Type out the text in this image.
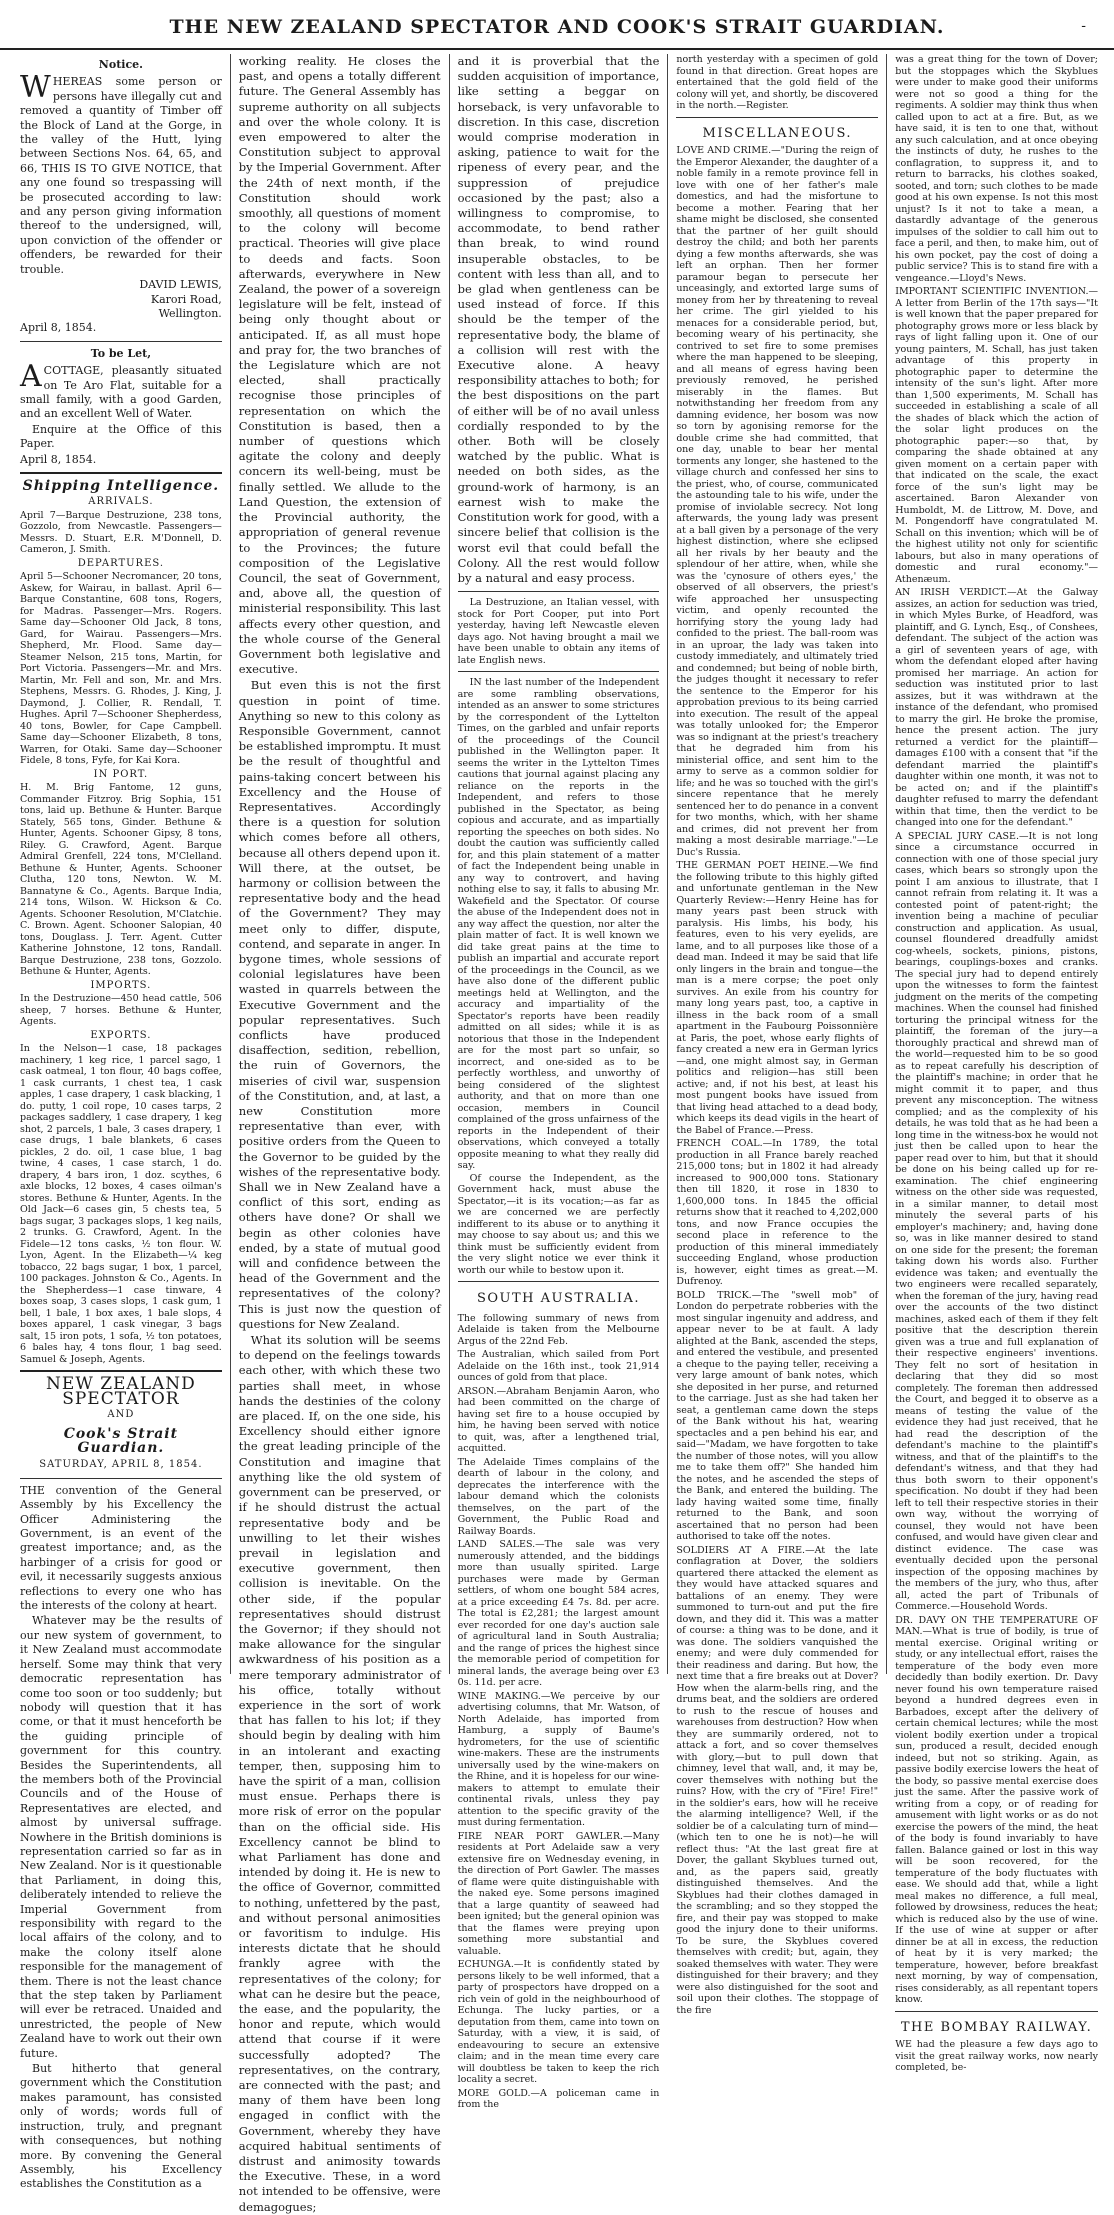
THE NEW ZEALAND SPECTATOR AND COOK'S STRAIT GUARDIAN.	-
Notice.

WHEREAS some person or persons have illegally cut and removed a quantity of Timber off the Block of Land at the Gorge, in the valley of the Hutt, lying between Sections Nos. 64, 65, and 66, THIS IS TO GIVE NOTICE, that any one found so trespassing will be prosecuted according to law: and any person giving information thereof to the undersigned, will, upon conviction of the offender or offenders, be rewarded for their trouble.

DAVID LEWIS,
Karori Road,
Wellington.
April 8, 1854.
To be Let,

ACOTTAGE, pleasantly situated on Te Aro Flat, suitable for a small family, with a good Garden, and an excellent Well of Water.

Enquire at the Office of this Paper.

April 8, 1854.
Shipping Intelligence.
ARRIVALS.

April 7—Barque Destruzione, 238 tons, Gozzolo, from Newcastle. Passengers—Messrs. D. Stuart, E.R. M'Donnell, D. Cameron, J. Smith.

DEPARTURES.

April 5—Schooner Necromancer, 20 tons, Askew, for Wairau, in ballast. April 6—Barque Constantine, 608 tons, Rogers, for Madras. Passenger—Mrs. Rogers. Same day—Schooner Old Jack, 8 tons, Gard, for Wairau. Passengers—Mrs. Shepherd, Mr. Flood. Same day—Steamer Nelson, 215 tons, Martin, for Port Victoria. Passengers—Mr. and Mrs. Martin, Mr. Fell and son, Mr. and Mrs. Stephens, Messrs. G. Rhodes, J. King, J. Daymond, J. Collier, R. Rendall, T. Hughes. April 7—Schooner Shepherdess, 40 tons, Bowler, for Cape Campbell. Same day—Schooner Elizabeth, 8 tons, Warren, for Otaki. Same day—Schooner Fidele, 8 tons, Fyfe, for Kai Kora.

IN PORT.

H. M. Brig Fantome, 12 guns, Commander Fitzroy. Brig Sophia, 151 tons, laid up. Bethune & Hunter. Barque Stately, 565 tons, Ginder. Bethune & Hunter, Agents. Schooner Gipsy, 8 tons, Riley. G. Crawford, Agent. Barque Admiral Grenfell, 224 tons, M'Clelland. Bethune & Hunter, Agents. Schooner Clutha, 120 tons, Newton. W. M. Bannatyne & Co., Agents. Barque India, 214 tons, Wilson. W. Hickson & Co. Agents. Schooner Resolution, M'Clatchie. C. Brown. Agent. Schooner Salopian, 40 tons, Douglass. J. Terr. Agent. Cutter Katherine Johnstone, 12 tons, Randall. Barque Destruzione, 238 tons, Gozzolo. Bethune & Hunter, Agents.

IMPORTS.

In the Destruzione—450 head cattle, 506 sheep, 7 horses. Bethune & Hunter, Agents.

EXPORTS.

In the Nelson—1 case, 18 packages machinery, 1 keg rice, 1 parcel sago, 1 cask oatmeal, 1 ton flour, 40 bags coffee, 1 cask currants, 1 chest tea, 1 cask apples, 1 case drapery, 1 cask blacking, 1 do. putty, 1 coil rope, 10 cases tarps, 2 packages saddlery, 1 case drapery, 1 keg shot, 2 parcels, 1 bale, 3 cases drapery, 1 case drugs, 1 bale blankets, 6 cases pickles, 2 do. oil, 1 case blue, 1 bag twine, 4 cases, 1 case starch, 1 do. drapery, 4 bars iron, 1 doz. scythes, 6 axle blocks, 12 boxes, 4 cases oilman's stores. Bethune & Hunter, Agents. In the Old Jack—6 cases gin, 5 chests tea, 5 bags sugar, 3 packages slops, 1 keg nails, 2 trunks. G. Crawford, Agent. In the Fidele—12 tons casks, ½ ton flour. W. Lyon, Agent. In the Elizabeth—¼ keg tobacco, 22 bags sugar, 1 box, 1 parcel, 100 packages. Johnston & Co., Agents. In the Shepherdess—1 case tinware, 4 boxes soap, 3 cases slops, 1 cask gum, 1 bell, 1 bale, 1 box axes, 1 bale slops, 4 boxes apparel, 1 cask vinegar, 3 bags salt, 15 iron pots, 1 sofa, ½ ton potatoes, 6 bales hay, 4 tons flour, 1 bag seed. Samuel & Joseph, Agents.

NEW ZEALAND SPECTATOR
AND
Cook's Strait Guardian.
SATURDAY, APRIL 8, 1854.

THE convention of the General Assembly by his Excellency the Officer Administering the Government, is an event of the greatest importance; and, as the harbinger of a crisis for good or evil, it necessarily suggests anxious reflections to every one who has the interests of the colony at heart.

Whatever may be the results of our new system of government, to it New Zealand must accommodate herself. Some may think that very democratic representation has come too soon or too suddenly; but nobody will question that it has come, or that it must henceforth be the guiding principle of government for this country. Besides the Superintendents, all the members both of the Provincial Councils and of the House of Representatives are elected, and almost by universal suffrage. Nowhere in the British dominions is representation carried so far as in New Zealand. Nor is it questionable that Parliament, in doing this, deliberately intended to relieve the Imperial Government from responsibility with regard to the local affairs of the colony, and to make the colony itself alone responsible for the management of them. There is not the least chance that the step taken by Parliament will ever be retraced. Unaided and unrestricted, the people of New Zealand have to work out their own future.

But hitherto that general government which the Constitution makes paramount, has consisted only of words; words full of instruction, truly, and pregnant with consequences, but nothing more. By convening the General Assembly, his Excellency establishes the Constitution as a

working reality. He closes the past, and opens a totally different future. The General Assembly has supreme authority on all subjects and over the whole colony. It is even empowered to alter the Constitution subject to approval by the Imperial Government. After the 24th of next month, if the Constitution should work smoothly, all questions of moment to the colony will become practical. Theories will give place to deeds and facts. Soon afterwards, everywhere in New Zealand, the power of a sovereign legislature will be felt, instead of being only thought about or anticipated. If, as all must hope and pray for, the two branches of the Legislature which are not elected, shall practically recognise those principles of representation on which the Constitution is based, then a number of questions which agitate the colony and deeply concern its well-being, must be finally settled. We allude to the Land Question, the extension of the Provincial authority, the appropriation of general revenue to the Provinces; the future composition of the Legislative Council, the seat of Government, and, above all, the question of ministerial responsibility. This last affects every other question, and the whole course of the General Government both legislative and executive.

But even this is not the first question in point of time. Anything so new to this colony as Responsible Government, cannot be established impromptu. It must be the result of thoughtful and pains-taking concert between his Excellency and the House of Representatives. Accordingly there is a question for solution which comes before all others, because all others depend upon it. Will there, at the outset, be harmony or collision between the representative body and the head of the Government? They may meet only to differ, dispute, contend, and separate in anger. In bygone times, whole sessions of colonial legislatures have been wasted in quarrels between the Executive Government and the popular representatives. Such conflicts have produced disaffection, sedition, rebellion, the ruin of Governors, the miseries of civil war, suspension of the Constitution, and, at last, a new Constitution more representative than ever, with positive orders from the Queen to the Governor to be guided by the wishes of the representative body. Shall we in New Zealand have a conflict of this sort, ending as others have done? Or shall we begin as other colonies have ended, by a state of mutual good will and confidence between the head of the Government and the representatives of the colony? This is just now the question of questions for New Zealand.

What its solution will be seems to depend on the feelings towards each other, with which these two parties shall meet, in whose hands the destinies of the colony are placed. If, on the one side, his Excellency should either ignore the great leading principle of the Constitution and imagine that anything like the old system of government can be preserved, or if he should distrust the actual representative body and be unwilling to let their wishes prevail in legislation and executive government, then collision is inevitable. On the other side, if the popular representatives should distrust the Governor; if they should not make allowance for the singular awkwardness of his position as a mere temporary administrator of his office, totally without experience in the sort of work that has fallen to his lot; if they should begin by dealing with him in an intolerant and exacting temper, then, supposing him to have the spirit of a man, collision must ensue. Perhaps there is more risk of error on the popular than on the official side. His Excellency cannot be blind to what Parliament has done and intended by doing it. He is new to the office of Governor, committed to nothing, unfettered by the past, and without personal animosities or favoritism to indulge. His interests dictate that he should frankly agree with the representatives of the colony; for what can he desire but the peace, the ease, and the popularity, the honor and repute, which would attend that course if it were successfully adopted? The representatives, on the contrary, are connected with the past; and many of them have been long engaged in conflict with the Government, whereby they have acquired habitual sentiments of distrust and animosity towards the Executive. These, in a word not intended to be offensive, were demagogues;

and it is proverbial that the sudden acquisition of importance, like setting a beggar on horseback, is very unfavorable to discretion. In this case, discretion would comprise moderation in asking, patience to wait for the ripeness of every pear, and the suppression of prejudice occasioned by the past; also a willingness to compromise, to accommodate, to bend rather than break, to wind round insuperable obstacles, to be content with less than all, and to be glad when gentleness can be used instead of force. If this should be the temper of the representative body, the blame of a collision will rest with the Executive alone. A heavy responsibility attaches to both; for the best dispositions on the part of either will be of no avail unless cordially responded to by the other. Both will be closely watched by the public. What is needed on both sides, as the ground-work of harmony, is an earnest wish to make the Constitution work for good, with a sincere belief that collision is the worst evil that could befall the Colony. All the rest would follow by a natural and easy process.

La Destruzione, an Italian vessel, with stock for Port Cooper, put into Port yesterday, having left Newcastle eleven days ago. Not having brought a mail we have been unable to obtain any items of late English news.

IN the last number of the Independent are some rambling observations, intended as an answer to some strictures by the correspondent of the Lyttelton Times, on the garbled and unfair reports of the proceedings of the Council published in the Wellington paper. It seems the writer in the Lyttelton Times cautions that journal against placing any reliance on the reports in the Independent, and refers to those published in the Spectator, as being copious and accurate, and as impartially reporting the speeches on both sides. No doubt the caution was sufficiently called for, and this plain statement of a matter of fact the Independent being unable in any way to controvert, and having nothing else to say, it falls to abusing Mr. Wakefield and the Spectator. Of course the abuse of the Independent does not in any way affect the question, nor alter the plain matter of fact. It is well known we did take great pains at the time to publish an impartial and accurate report of the proceedings in the Council, as we have also done of the different public meetings held at Wellington, and the accuracy and impartiality of the Spectator's reports have been readily admitted on all sides; while it is as notorious that those in the Independent are for the most part so unfair, so incorrect, and one-sided as to be perfectly worthless, and unworthy of being considered of the slightest authority, and that on more than one occasion, members in Council complained of the gross unfairness of the reports in the Independent of their observations, which conveyed a totally opposite meaning to what they really did say.

Of course the Independent, as the Government hack, must abuse the Spectator,—it is its vocation;—as far as we are concerned we are perfectly indifferent to its abuse or to anything it may choose to say about us; and this we think must be sufficiently evident from the very slight notice we ever think it worth our while to bestow upon it.

SOUTH AUSTRALIA.

The following summary of news from Adelaide is taken from the Melbourne Argus of the 22nd Feb.

The Australian, which sailed from Port Adelaide on the 16th inst., took 21,914 ounces of gold from that place.

ARSON.—Abraham Benjamin Aaron, who had been committed on the charge of having set fire to a house occupied by him, he having been served with notice to quit, was, after a lengthened trial, acquitted.

The Adelaide Times complains of the dearth of labour in the colony, and deprecates the interference with the labour demand which the colonists themselves, on the part of the Government, the Public Road and Railway Boards.

LAND SALES.—The sale was very numerously attended, and the biddings more than usually spirited. Large purchases were made by German settlers, of whom one bought 584 acres, at a price exceeding £4 7s. 8d. per acre. The total is £2,281; the largest amount ever recorded for one day's auction sale of agricultural land in South Australia; and the range of prices the highest since the memorable period of competition for mineral lands, the average being over £3 0s. 11d. per acre.

WINE MAKING.—We perceive by our advertising columns, that Mr. Watson, of North Adelaide, has imported from Hamburg, a supply of Baume's hydrometers, for the use of scientific wine-makers. These are the instruments universally used by the wine-makers on the Rhine, and it is hopeless for our wine-makers to attempt to emulate their continental rivals, unless they pay attention to the specific gravity of the must during fermentation.

FIRE NEAR PORT GAWLER.—Many residents at Port Adelaide saw a very extensive fire on Wednesday evening, in the direction of Port Gawler. The masses of flame were quite distinguishable with the naked eye. Some persons imagined that a large quantity of seaweed had been ignited; but the general opinion was that the flames were preying upon something more substantial and valuable.

ECHUNGA.—It is confidently stated by persons likely to be well informed, that a party of prospectors have dropped on a rich vein of gold in the neighbourhood of Echunga. The lucky parties, or a deputation from them, came into town on Saturday, with a view, it is said, of endeavouring to secure an extensive claim; and in the mean time every care will doubtless be taken to keep the rich locality a secret.

MORE GOLD.—A policeman came in from the

north yesterday with a specimen of gold found in that direction. Great hopes are entertained that the gold field of the colony will yet, and shortly, be discovered in the north.—Register.

MISCELLANEOUS.

LOVE AND CRIME.—"During the reign of the Emperor Alexander, the daughter of a noble family in a remote province fell in love with one of her father's male domestics, and had the misfortune to become a mother. Fearing that her shame might be disclosed, she consented that the partner of her guilt should destroy the child; and both her parents dying a few months afterwards, she was left an orphan. Then her former paramour began to persecute her unceasingly, and extorted large sums of money from her by threatening to reveal her crime. The girl yielded to his menaces for a considerable period, but, becoming weary of his pertinacity, she contrived to set fire to some premises where the man happened to be sleeping, and all means of egress having been previously removed, he perished miserably in the flames. But notwithstanding her freedom from any damning evidence, her bosom was now so torn by agonising remorse for the double crime she had committed, that one day, unable to bear her mental torments any longer, she hastened to the village church and confessed her sins to the priest, who, of course, communicated the astounding tale to his wife, under the promise of inviolable secrecy. Not long afterwards, the young lady was present at a ball given by a personage of the very highest distinction, where she eclipsed all her rivals by her beauty and the splendour of her attire, when, while she was the 'cynosure of others eyes,' the observed of all observers, the priest's wife approached her unsuspecting victim, and openly recounted the horrifying story the young lady had confided to the priest. The ball-room was in an uproar, the lady was taken into custody immediately, and ultimately tried and condemned; but being of noble birth, the judges thought it necessary to refer the sentence to the Emperor for his approbation previous to its being carried into execution. The result of the appeal was totally unlooked for; the Emperor was so indignant at the priest's treachery that he degraded him from his ministerial office, and sent him to the army to serve as a common soldier for life; and he was so touched with the girl's sincere repentance that he merely sentenced her to do penance in a convent for two months, which, with her shame and crimes, did not prevent her from making a most desirable marriage."—Le Duc's Russia.

THE GERMAN POET HEINE.—We find the following tribute to this highly gifted and unfortunate gentleman in the New Quarterly Review:—Henry Heine has for many years past been struck with paralysis. His limbs, his body, his features, even to his very eyelids, are lame, and to all purposes like those of a dead man. Indeed it may be said that life only lingers in the brain and tongue—the man is a mere corpse; the poet only survives. An exile from his country for many long years past, too, a captive in illness in the back room of a small apartment in the Faubourg Poissonnière at Paris, the poet, whose early flights of fancy created a new era in German lyrics—and, one might almost say, in German politics and religion—has still been active; and, if not his best, at least his most pungent books have issued from that living head attached to a dead body, which keeps its dead vigils in the heart of the Babel of France.—Press.

FRENCH COAL.—In 1789, the total production in all France barely reached 215,000 tons; but in 1802 it had already increased to 900,000 tons. Stationary then till 1820, it rose in 1830 to 1,600,000 tons. In 1845 the official returns show that it reached to 4,202,000 tons, and now France occupies the second place in reference to the production of this mineral immediately succeeding England, whose production is, however, eight times as great.—M. Dufrenoy.

BOLD TRICK.—The "swell mob" of London do perpetrate robberies with the most singular ingenuity and address, and appear never to be at fault. A lady alighted at the Bank, ascended the steps, and entered the vestibule, and presented a cheque to the paying teller, receiving a very large amount of bank notes, which she deposited in her purse, and returned to the carriage. Just as she had taken her seat, a gentleman came down the steps of the Bank without his hat, wearing spectacles and a pen behind his ear, and said—"Madam, we have forgotten to take the number of those notes, will you allow me to take them off?" She handed him the notes, and he ascended the steps of the Bank, and entered the building. The lady having waited some time, finally returned to the Bank, and soon ascertained that no person had been authorised to take off the notes.

SOLDIERS AT A FIRE.—At the late conflagration at Dover, the soldiers quartered there attacked the element as they would have attacked squares and battalions of an enemy. They were summoned to turn-out and put the fire down, and they did it. This was a matter of course: a thing was to be done, and it was done. The soldiers vanquished the enemy; and were duly commended for their readiness and daring. But how, the next time that a fire breaks out at Dover? How when the alarm-bells ring, and the drums beat, and the soldiers are ordered to rush to the rescue of houses and warehouses from destruction? How when they are summarily ordered, not to attack a fort, and so cover themselves with glory,—but to pull down that chimney, level that wall, and, it may be, cover themselves with nothing but the ruins? How, with the cry of "Fire! Fire!" in the soldier's ears, how will he receive the alarming intelligence? Well, if the soldier be of a calculating turn of mind—(which ten to one he is not)—he will reflect thus: "At the last great fire at Dover, the gallant Skyblues turned out, and, as the papers said, greatly distinguished themselves. And the Skyblues had their clothes damaged in the scrambling; and so they stopped the fire, and their pay was stopped to make good the injury done to their uniforms. To be sure, the Skyblues covered themselves with credit; but, again, they soaked themselves with water. They were distinguished for their bravery; and they were also distinguished for the soot and soil upon their clothes. The stoppage of the fire

was a great thing for the town of Dover; but the stoppages which the Skyblues were under to make good their uniforms were not so good a thing for the regiments. A soldier may think thus when called upon to act at a fire. But, as we have said, it is ten to one that, without any such calculation, and at once obeying the instincts of duty, he rushes to the conflagration, to suppress it, and to return to barracks, his clothes soaked, sooted, and torn; such clothes to be made good at his own expense. Is not this most unjust? Is it not to take a mean, a dastardly advantage of the generous impulses of the soldier to call him out to face a peril, and then, to make him, out of his own pocket, pay the cost of doing a public service? This is to stand fire with a vengeance.—Lloyd's News.

IMPORTANT SCIENTIFIC INVENTION.—A letter from Berlin of the 17th says—"It is well known that the paper prepared for photography grows more or less black by rays of light falling upon it. One of our young painters, M. Schall, has just taken advantage of this property in photographic paper to determine the intensity of the sun's light. After more than 1,500 experiments, M. Schall has succeeded in establishing a scale of all the shades of black which the action of the solar light produces on the photographic paper:—so that, by comparing the shade obtained at any given moment on a certain paper with that indicated on the scale, the exact force of the sun's light may be ascertained. Baron Alexander von Humboldt, M. de Littrow, M. Dove, and M. Pongendorff have congratulated M. Schall on this invention; which will be of the highest utility not only for scientific labours, but also in many operations of domestic and rural economy."—Athenæum.

AN IRISH VERDICT.—At the Galway assizes, an action for seduction was tried, in which Myles Burke, of Headford, was plaintiff, and G. Lynch, Esq., of Conshees, defendant. The subject of the action was a girl of seventeen years of age, with whom the defendant eloped after having promised her marriage. An action for seduction was instituted prior to last assizes, but it was withdrawn at the instance of the defendant, who promised to marry the girl. He broke the promise, hence the present action. The jury returned a verdict for the plaintiff—damages £100 with a consent that "if the defendant married the plaintiff's daughter within one month, it was not to be acted on; and if the plaintiff's daughter refused to marry the defendant within that time, then the verdict to be changed into one for the defendant."

A SPECIAL JURY CASE.—It is not long since a circumstance occurred in connection with one of those special jury cases, which bears so strongly upon the point I am anxious to illustrate, that I cannot refrain from relating it. It was a contested point of patent-right; the invention being a machine of peculiar construction and application. As usual, counsel floundered dreadfully amidst cog-wheels, sockets, pinions, pistons, bearings, couplings-boxes and cranks. The special jury had to depend entirely upon the witnesses to form the faintest judgment on the merits of the competing machines. When the counsel had finished torturing the principal witness for the plaintiff, the foreman of the jury—a thoroughly practical and shrewd man of the world—requested him to be so good as to repeat carefully his description of the plaintiff's machine; in order that he might commit it to paper, and thus prevent any misconception. The witness complied; and as the complexity of his details, he was told that as he had been a long time in the witness-box he would not just then be called upon to hear the paper read over to him, but that it should be done on his being called up for re-examination. The chief engineering witness on the other side was requested, in a similar manner, to detail most minutely the several parts of his employer's machinery; and, having done so, was in like manner desired to stand on one side for the present; the foreman taking down his words also. Further evidence was taken; and eventually the two engineers were recalled separately, when the foreman of the jury, having read over the accounts of the two distinct machines, asked each of them if they felt positive that the description therein given was a true and full explanation of their respective engineers' inventions. They felt no sort of hesitation in declaring that they did so most completely. The foreman then addressed the Court, and begged it to observe as a means of testing the value of the evidence they had just received, that he had read the description of the defendant's machine to the plaintiff's witness, and that of the plaintiff's to the defendant's witness, and that they had thus both sworn to their opponent's specification. No doubt if they had been left to tell their respective stories in their own way, without the worrying of counsel, they would not have been confused, and would have given clear and distinct evidence. The case was eventually decided upon the personal inspection of the opposing machines by the members of the jury, who thus, after all, acted the part of Tribunals of Commerce.—Household Words.

DR. DAVY ON THE TEMPERATURE OF MAN.—What is true of bodily, is true of mental exercise. Original writing or study, or any intellectual effort, raises the temperature of the body even more decidedly than bodily exertion. Dr. Davy never found his own temperature raised beyond a hundred degrees even in Barbadoes, except after the delivery of certain chemical lectures; while the most violent bodily exertion under a tropical sun, produced a result, decided enough indeed, but not so striking. Again, as passive bodily exercise lowers the heat of the body, so passive mental exercise does just the same. After the passive work of writing from a copy, or of reading for amusement with light works or as do not exercise the powers of the mind, the heat of the body is found invariably to have fallen. Balance gained or lost in this way will be soon recovered, for the temperature of the body fluctuates with ease. We should add that, while a light meal makes no difference, a full meal, followed by drowsiness, reduces the heat; which is reduced also by the use of wine. If the use of wine at supper or after dinner be at all in excess, the reduction of heat by it is very marked; the temperature, however, before breakfast next morning, by way of compensation, rises considerably, as all repentant topers know.

THE BOMBAY RAILWAY.

WE had the pleasure a few days ago to visit the great railway works, now nearly completed, be-
